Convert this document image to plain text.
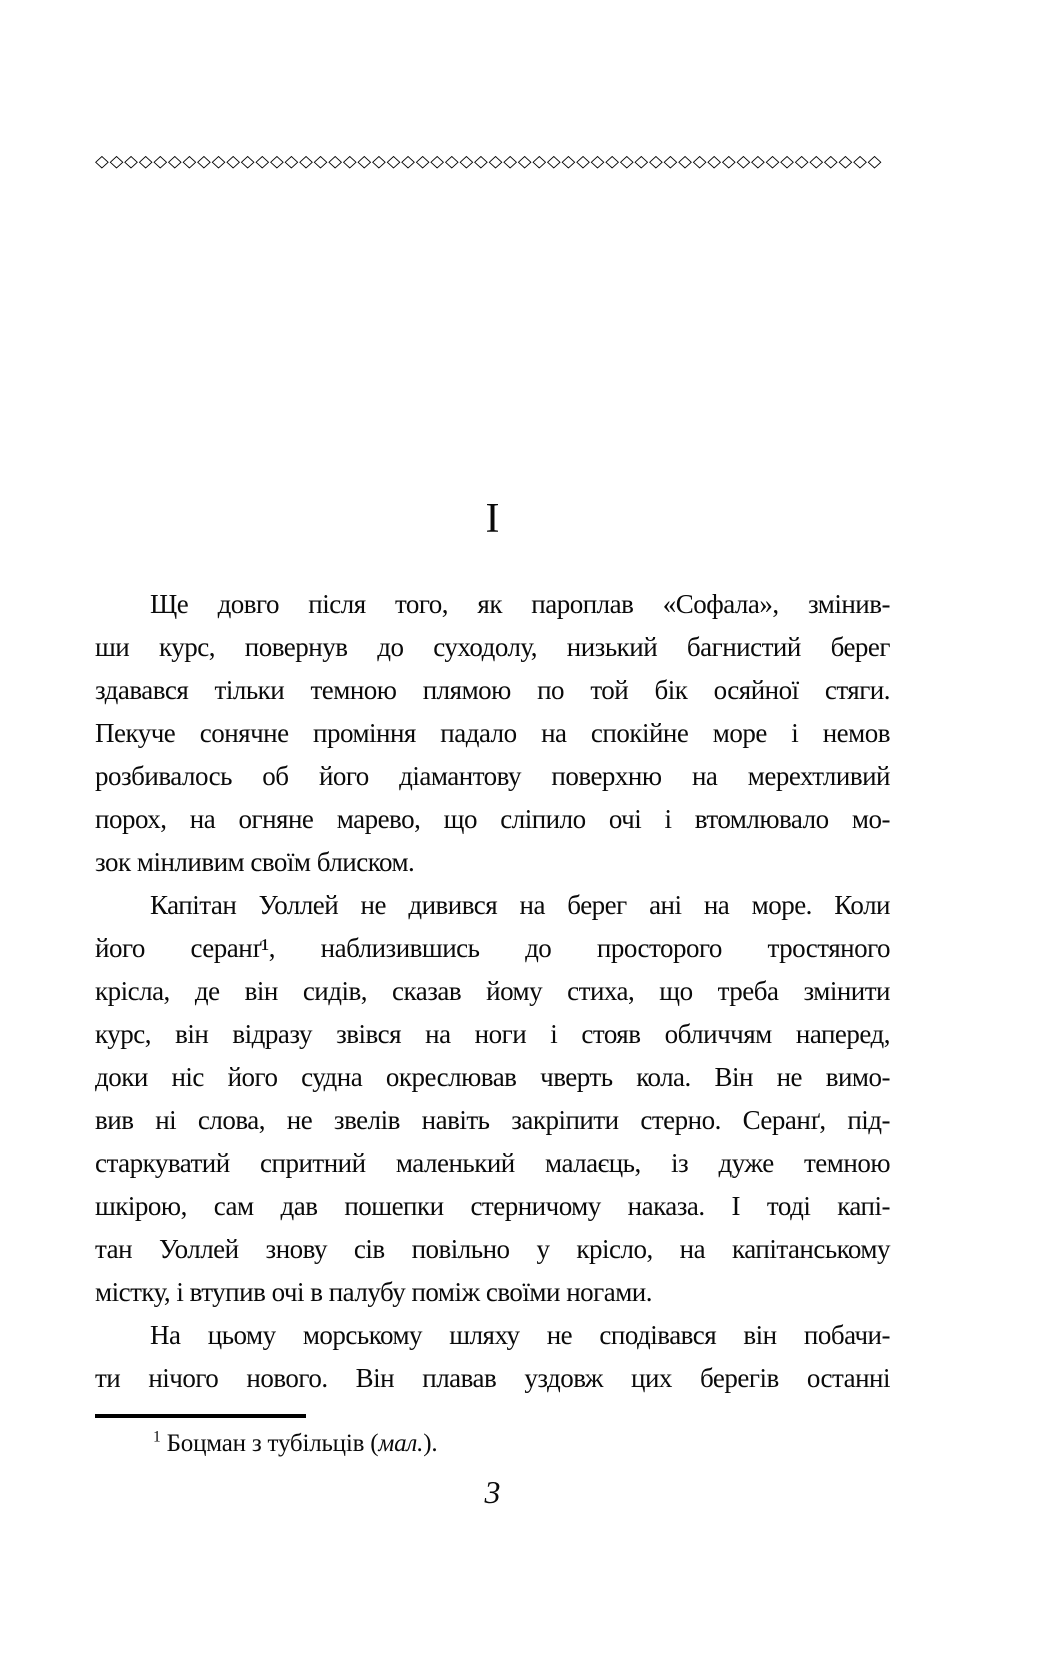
◇ ◇ ◇ ◇ ◇ ◇ ◇ ◇ ◇ ◇ ◇ ◇ ◇ ◇ ◇ ◇ ◇ ◇ ◇ ◇ ◇ ◇ ◇ ◇ ◇ ◇ ◇ ◇ ◇ ◇ ◇ ◇ ◇ ◇ ◇ ◇ ◇ ◇ ◇ ◇ ◇ ◇ ◇ ◇ ◇ ◇ ◇ ◇ ◇ ◇ ◇ ◇ ◇ ◇
I
Ще довго після того, як пароплав «Софала», змінив-
ши курс, повернув до суходолу, низький багнистий берег
здавався тільки темною плямою по той бік осяйної стяги.
Пекуче сонячне проміння падало на спокійне море і немов
розбивалось об його діамантову поверхню на мерехтливий
порох, на огняне марево, що сліпило очі і втомлювало мо-
зок мінливим своїм блиском.
Капітан Уоллей не дивився на берег ані на море. Коли
його серанґ¹, наблизившись до просторого тростяного
крісла, де він сидів, сказав йому стиха, що треба змінити
курс, він відразу звівся на ноги і стояв обличчям наперед,
доки ніс його судна окреслював чверть кола. Він не вимо-
вив ні слова, не звелів навіть закріпити стерно. Серанґ, під-
старкуватий спритний маленький малаєць, із дуже темною
шкірою, сам дав пошепки стерничому наказа. І тоді капі-
тан Уоллей знову сів повільно у крісло, на капітанському
містку, і втупив очі в палубу поміж своїми ногами.
На цьому морському шляху не сподівався він побачи-
ти нічого нового. Він плавав уздовж цих берегів останні
$^1$ Боцман з тубільців (мал.).
3
